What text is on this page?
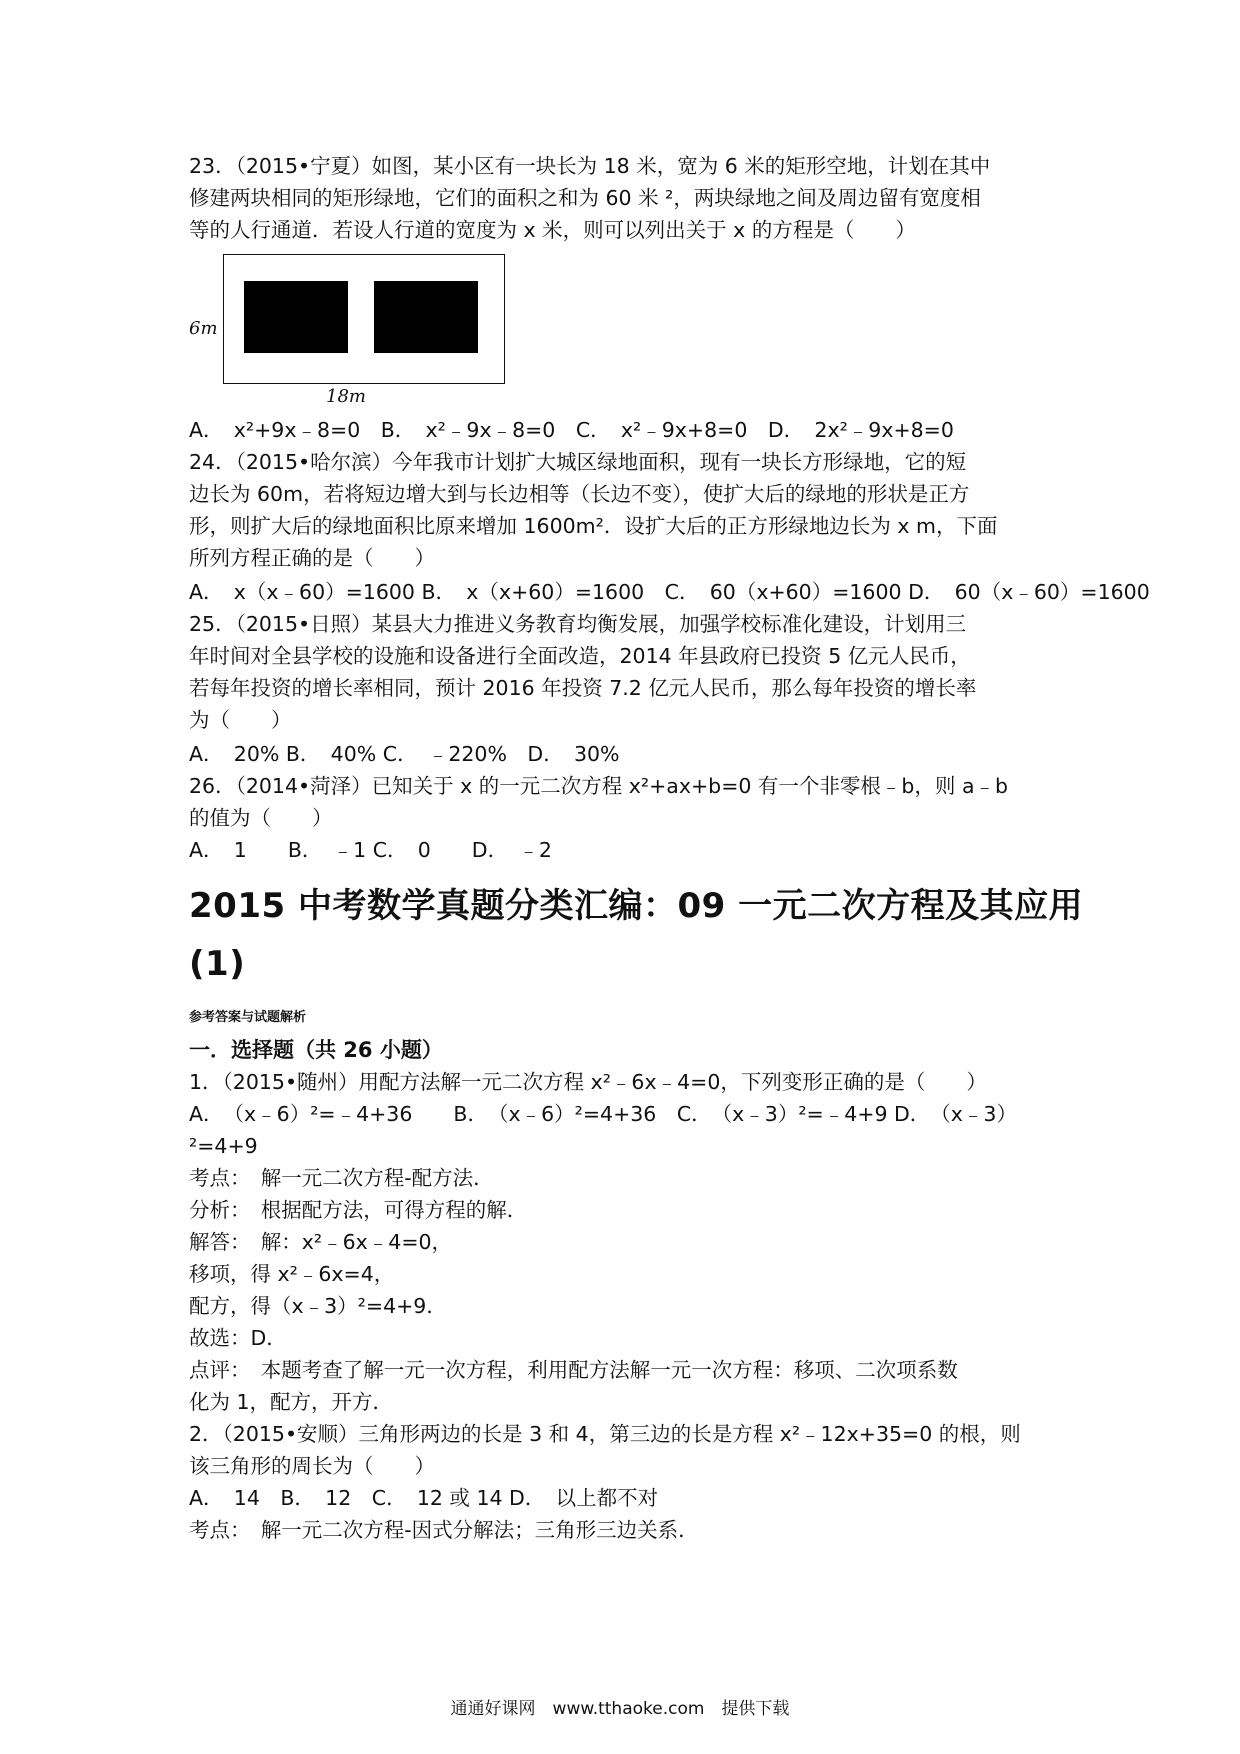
23．（2015•宁夏）如图，某小区有一块长为 18 米，宽为 6 米的矩形空地，计划在其中
修建两块相同的矩形绿地，它们的面积之和为 60 米 ²，两块绿地之间及周边留有宽度相
等的人行通道．若设人行道的宽度为 x 米，则可以列出关于 x 的方程是（　　）
6m
18m
A．　x²+9x﹣8=0　B．　x²﹣9x﹣8=0　C．　x²﹣9x+8=0　D．　2x²﹣9x+8=0
24．（2015•哈尔滨）今年我市计划扩大城区绿地面积，现有一块长方形绿地，它的短
边长为 60m，若将短边增大到与长边相等（长边不变），使扩大后的绿地的形状是正方
形，则扩大后的绿地面积比原来增加 1600m²．设扩大后的正方形绿地边长为 x m，下面
所列方程正确的是（　　）
A．　x（x﹣60）=1600 B．　x（x+60）=1600　C．　60（x+60）=1600 D．　60（x﹣60）=1600
25．（2015•日照）某县大力推进义务教育均衡发展，加强学校标准化建设，计划用三
年时间对全县学校的设施和设备进行全面改造，2014 年县政府已投资 5 亿元人民币，
若每年投资的增长率相同，预计 2016 年投资 7.2 亿元人民币，那么每年投资的增长率
为（　　）
A．　20% B．　40% C．　﹣220%　D．　30%
26．（2014•菏泽）已知关于 x 的一元二次方程 x²+ax+b=0 有一个非零根﹣b，则 a﹣b
的值为（　　）
A．　1　　B．　﹣1 C．　0　　D．　﹣2
2015 中考数学真题分类汇编：09 一元二次方程及其应用
(1)
参考答案与试题解析
一．选择题（共 26 小题）
1．（2015•随州）用配方法解一元二次方程 x²﹣6x﹣4=0，下列变形正确的是（　　）
A．　（x﹣6）²=﹣4+36　　B．　（x﹣6）²=4+36　C．　（x﹣3）²=﹣4+9 D．　（x﹣3）
²=4+9
考点：　解一元二次方程-配方法．
分析：　根据配方法，可得方程的解．
解答：　解：x²﹣6x﹣4=0，
移项，得 x²﹣6x=4，
配方，得（x﹣3）²=4+9．
故选：D．
点评：　本题考查了解一元一次方程，利用配方法解一元一次方程：移项、二次项系数
化为 1，配方，开方．
2．（2015•安顺）三角形两边的长是 3 和 4，第三边的长是方程 x²﹣12x+35=0 的根，则
该三角形的周长为（　　）
A．　14　B．　12　C．　12 或 14 D．　以上都不对
考点：　解一元二次方程-因式分解法；三角形三边关系．
通通好课网　www.tthaoke.com　提供下载
